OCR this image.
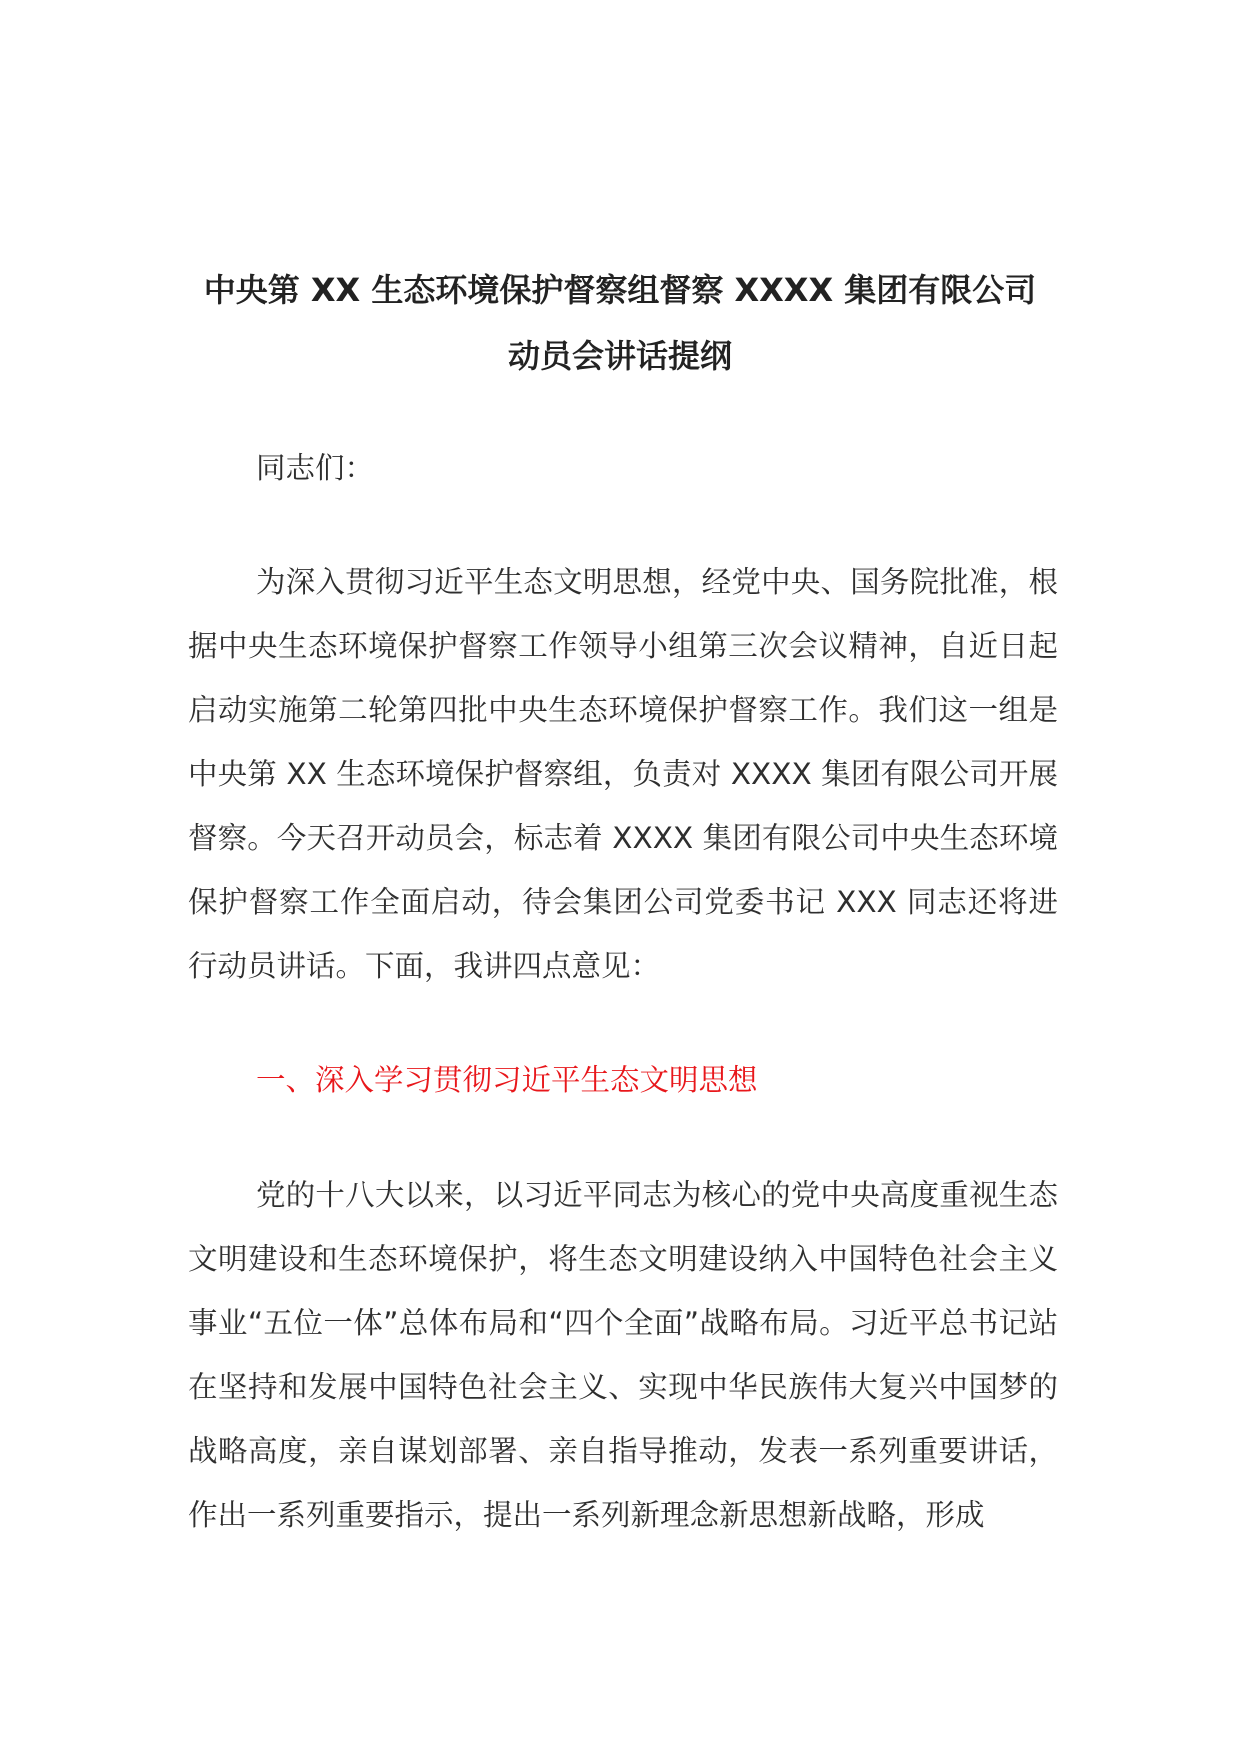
中央第 XX 生态环境保护督察组督察 XXXX 集团有限公司
动员会讲话提纲

同志们：

为深入贯彻习近平生态文明思想，经党中央、国务院批准，根据中央生态环境保护督察工作领导小组第三次会议精神，自近日起启动实施第二轮第四批中央生态环境保护督察工作。我们这一组是中央第 XX 生态环境保护督察组，负责对 XXXX 集团有限公司开展督察。今天召开动员会，标志着 XXXX 集团有限公司中央生态环境保护督察工作全面启动，待会集团公司党委书记 XXX 同志还将进行动员讲话。下面，我讲四点意见：

一、深入学习贯彻习近平生态文明思想

党的十八大以来，以习近平同志为核心的党中央高度重视生态文明建设和生态环境保护，将生态文明建设纳入中国特色社会主义事业“五位一体”总体布局和“四个全面”战略布局。习近平总书记站在坚持和发展中国特色社会主义、实现中华民族伟大复兴中国梦的战略高度，亲自谋划部署、亲自指导推动，发表一系列重要讲话，作出一系列重要指示，提出一系列新理念新思想新战略，形成
